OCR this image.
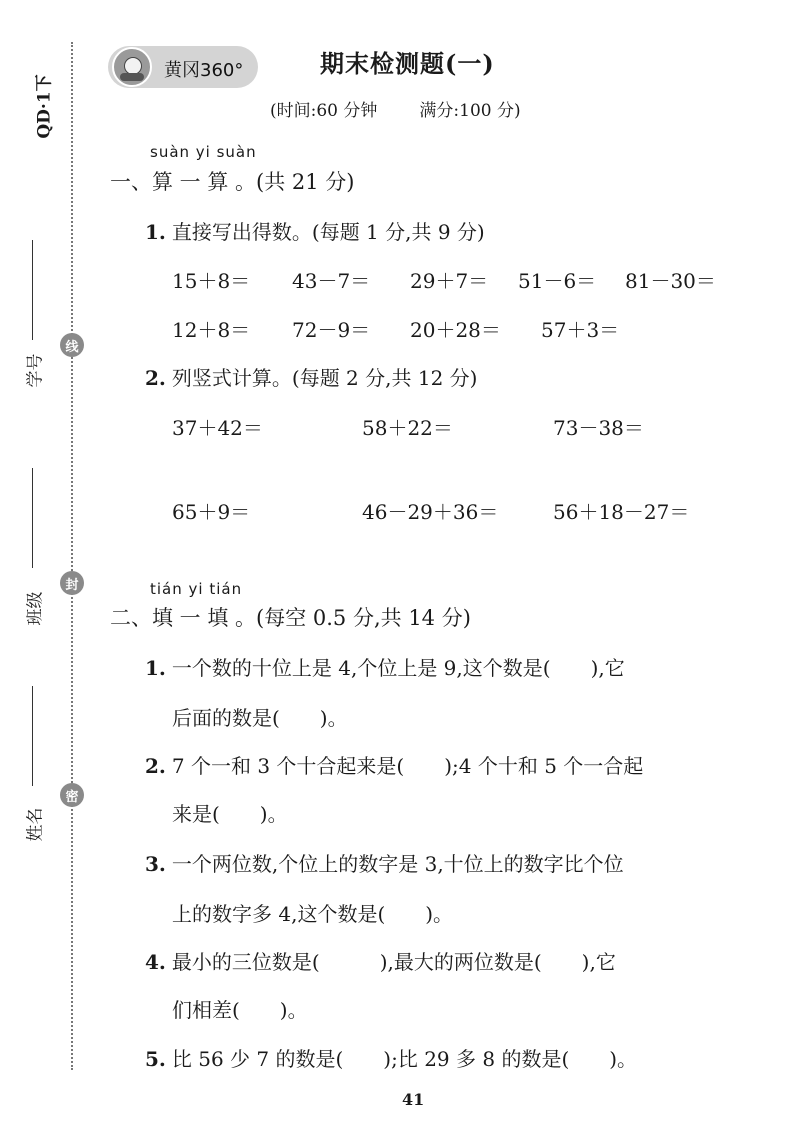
QD·1下
学号
班级
姓名
线
封
密
黄冈360°	期末检测题(一)
(时间:60 分钟 满分:100 分)
suàn yi suàn
一、算 一 算 。(共 21 分)
1. 直接写出得数。(每题 1 分,共 9 分)
15＋8＝ 43－7＝ 29＋7＝ 51－6＝ 81－30＝
12＋8＝ 72－9＝ 20＋28＝ 57＋3＝
2. 列竖式计算。(每题 2 分,共 12 分)
37＋42＝	58＋22＝	73－38＝
65＋9＝	46－29＋36＝	56＋18－27＝
tián yi tián
二、填 一 填 。(每空 0.5 分,共 14 分)
1. 一个数的十位上是 4,个位上是 9,这个数是(　　),它
后面的数是(　　)。
2. 7 个一和 3 个十合起来是(　　);4 个十和 5 个一合起
来是(　　)。
3. 一个两位数,个位上的数字是 3,十位上的数字比个位
上的数字多 4,这个数是(　　)。
4. 最小的三位数是(　　　),最大的两位数是(　　),它
们相差(　　)。
5. 比 56 少 7 的数是(　　);比 29 多 8 的数是(　　)。
41
